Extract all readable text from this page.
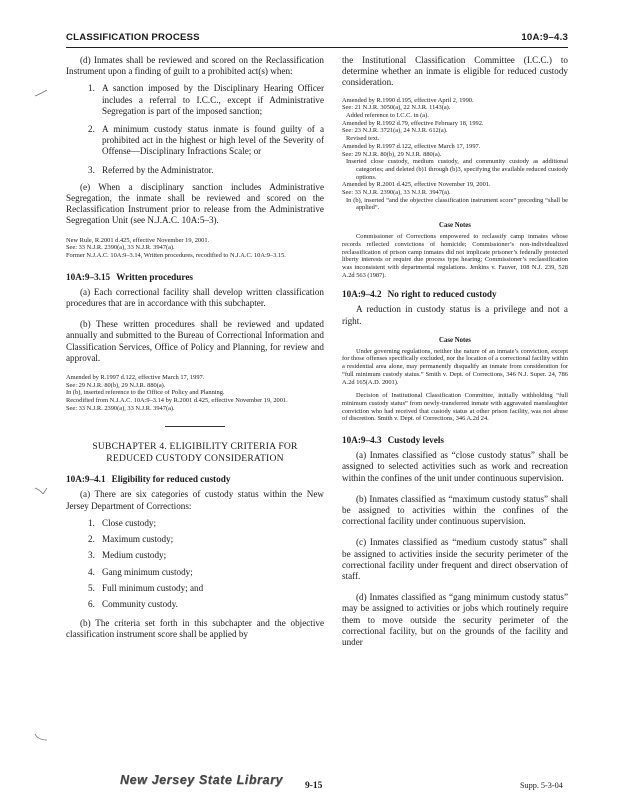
CLASSIFICATION PROCESS	10A:9–4.3

(d) Inmates shall be reviewed and scored on the Reclassification Instrument upon a finding of guilt to a prohibited act(s) when:

1. A sanction imposed by the Disciplinary Hearing Officer includes a referral to I.C.C., except if Administrative Segregation is part of the imposed sanction;
2. A minimum custody status inmate is found guilty of a prohibited act in the highest or high level of the Severity of Offense—Disciplinary Infractions Scale; or
3. Referred by the Administrator.

(e) When a disciplinary sanction includes Administrative Segregation, the inmate shall be reviewed and scored on the Reclassification Instrument prior to release from the Administrative Segregation Unit (see N.J.A.C. 10A:5–3).

New Rule, R.2001 d.425, effective November 19, 2001.

See: 33 N.J.R. 2390(a), 33 N.J.R. 3947(a).

Former N.J.A.C. 10A:9–3.14, Written procedures, recodified to N.J.A.C. 10A:9–3.15.

10A:9–3.15 Written procedures

(a) Each correctional facility shall develop written classification procedures that are in accordance with this subchapter.

(b) These written procedures shall be reviewed and updated annually and submitted to the Bureau of Correctional Information and Classification Services, Office of Policy and Planning, for review and approval.

Amended by R.1997 d.122, effective March 17, 1997.

See: 29 N.J.R. 80(b), 29 N.J.R. 880(a).

In (b), inserted reference to the Office of Policy and Planning.

Recodified from N.J.A.C. 10A:9–3.14 by R.2001 d.425, effective November 19, 2001.

See: 33 N.J.R. 2390(a), 33 N.J.R. 3947(a).

SUBCHAPTER 4. ELIGIBILITY CRITERIA FOR

REDUCED CUSTODY CONSIDERATION

10A:9–4.1 Eligibility for reduced custody

(a) There are six categories of custody status within the New Jersey Department of Corrections:

1. Close custody;
2. Maximum custody;
3. Medium custody;
4. Gang minimum custody;
5. Full minimum custody; and
6. Community custody.

(b) The criteria set forth in this subchapter and the objective classification instrument score shall be applied by

the Institutional Classification Committee (I.C.C.) to determine whether an inmate is eligible for reduced custody consideration.

Amended by R.1990 d.195, effective April 2, 1990.

See: 21 N.J.R. 3050(a), 22 N.J.R. 1143(a).

Added reference to I.C.C. in (a).

Amended by R.1992 d.79, effective February 18, 1992.

See: 23 N.J.R. 3721(a), 24 N.J.R. 612(a).

Revised text.

Amended by R.1997 d.122, effective March 17, 1997.

See: 29 N.J.R. 80(b), 29 N.J.R. 880(a).

Inserted close custody, medium custody, and community custody as additional categories; and deleted (b)1 through (b)3, specifying the available reduced custody options.

Amended by R.2001 d.425, effective November 19, 2001.

See: 33 N.J.R. 2390(a), 33 N.J.R. 3947(a).

In (b), inserted “and the objective classification instrument score” preceding “shall be applied”.

Case Notes

Commissioner of Corrections empowered to reclassify camp inmates whose records reflected convictions of homicide; Commissioner’s non-individualized reclassification of prison camp inmates did not implicate prisoner’s federally protected liberty interests or require due process type hearing; Commissioner’s reclassification was inconsistent with departmental regulations. Jenkins v. Fauver, 108 N.J. 239, 528 A.2d 563 (1987).

10A:9–4.2 No right to reduced custody

A reduction in custody status is a privilege and not a right.

Case Notes

Under governing regulations, neither the nature of an inmate’s conviction, except for those offenses specifically excluded, nor the location of a correctional facility within a residential area alone, may permanently disqualify an inmate from consideration for “full minimum custody status.” Smith v. Dept. of Corrections, 346 N.J. Super. 24, 786 A.2d 165(A.D. 2001).

Decision of Institutional Classification Committee, initially withholding “full minimum custody status” from newly-transferred inmate with aggravated manslaughter conviction who had received that custody status at other prison facility, was not abuse of discretion. Smith v. Dept. of Corrections, 346 A.2d 24.

10A:9–4.3 Custody levels

(a) Inmates classified as “close custody status” shall be assigned to selected activities such as work and recreation within the confines of the unit under continuous supervision.

(b) Inmates classified as “maximum custody status” shall be assigned to activities within the confines of the correctional facility under continuous supervision.

(c) Inmates classified as “medium custody status” shall be assigned to activities inside the security perimeter of the correctional facility under frequent and direct observation of staff.

(d) Inmates classified as “gang minimum custody status” may be assigned to activities or jobs which routinely require them to move outside the security perimeter of the correctional facility, but on the grounds of the facility and under

New Jersey State Library 9-15	Supp. 5-3-04
